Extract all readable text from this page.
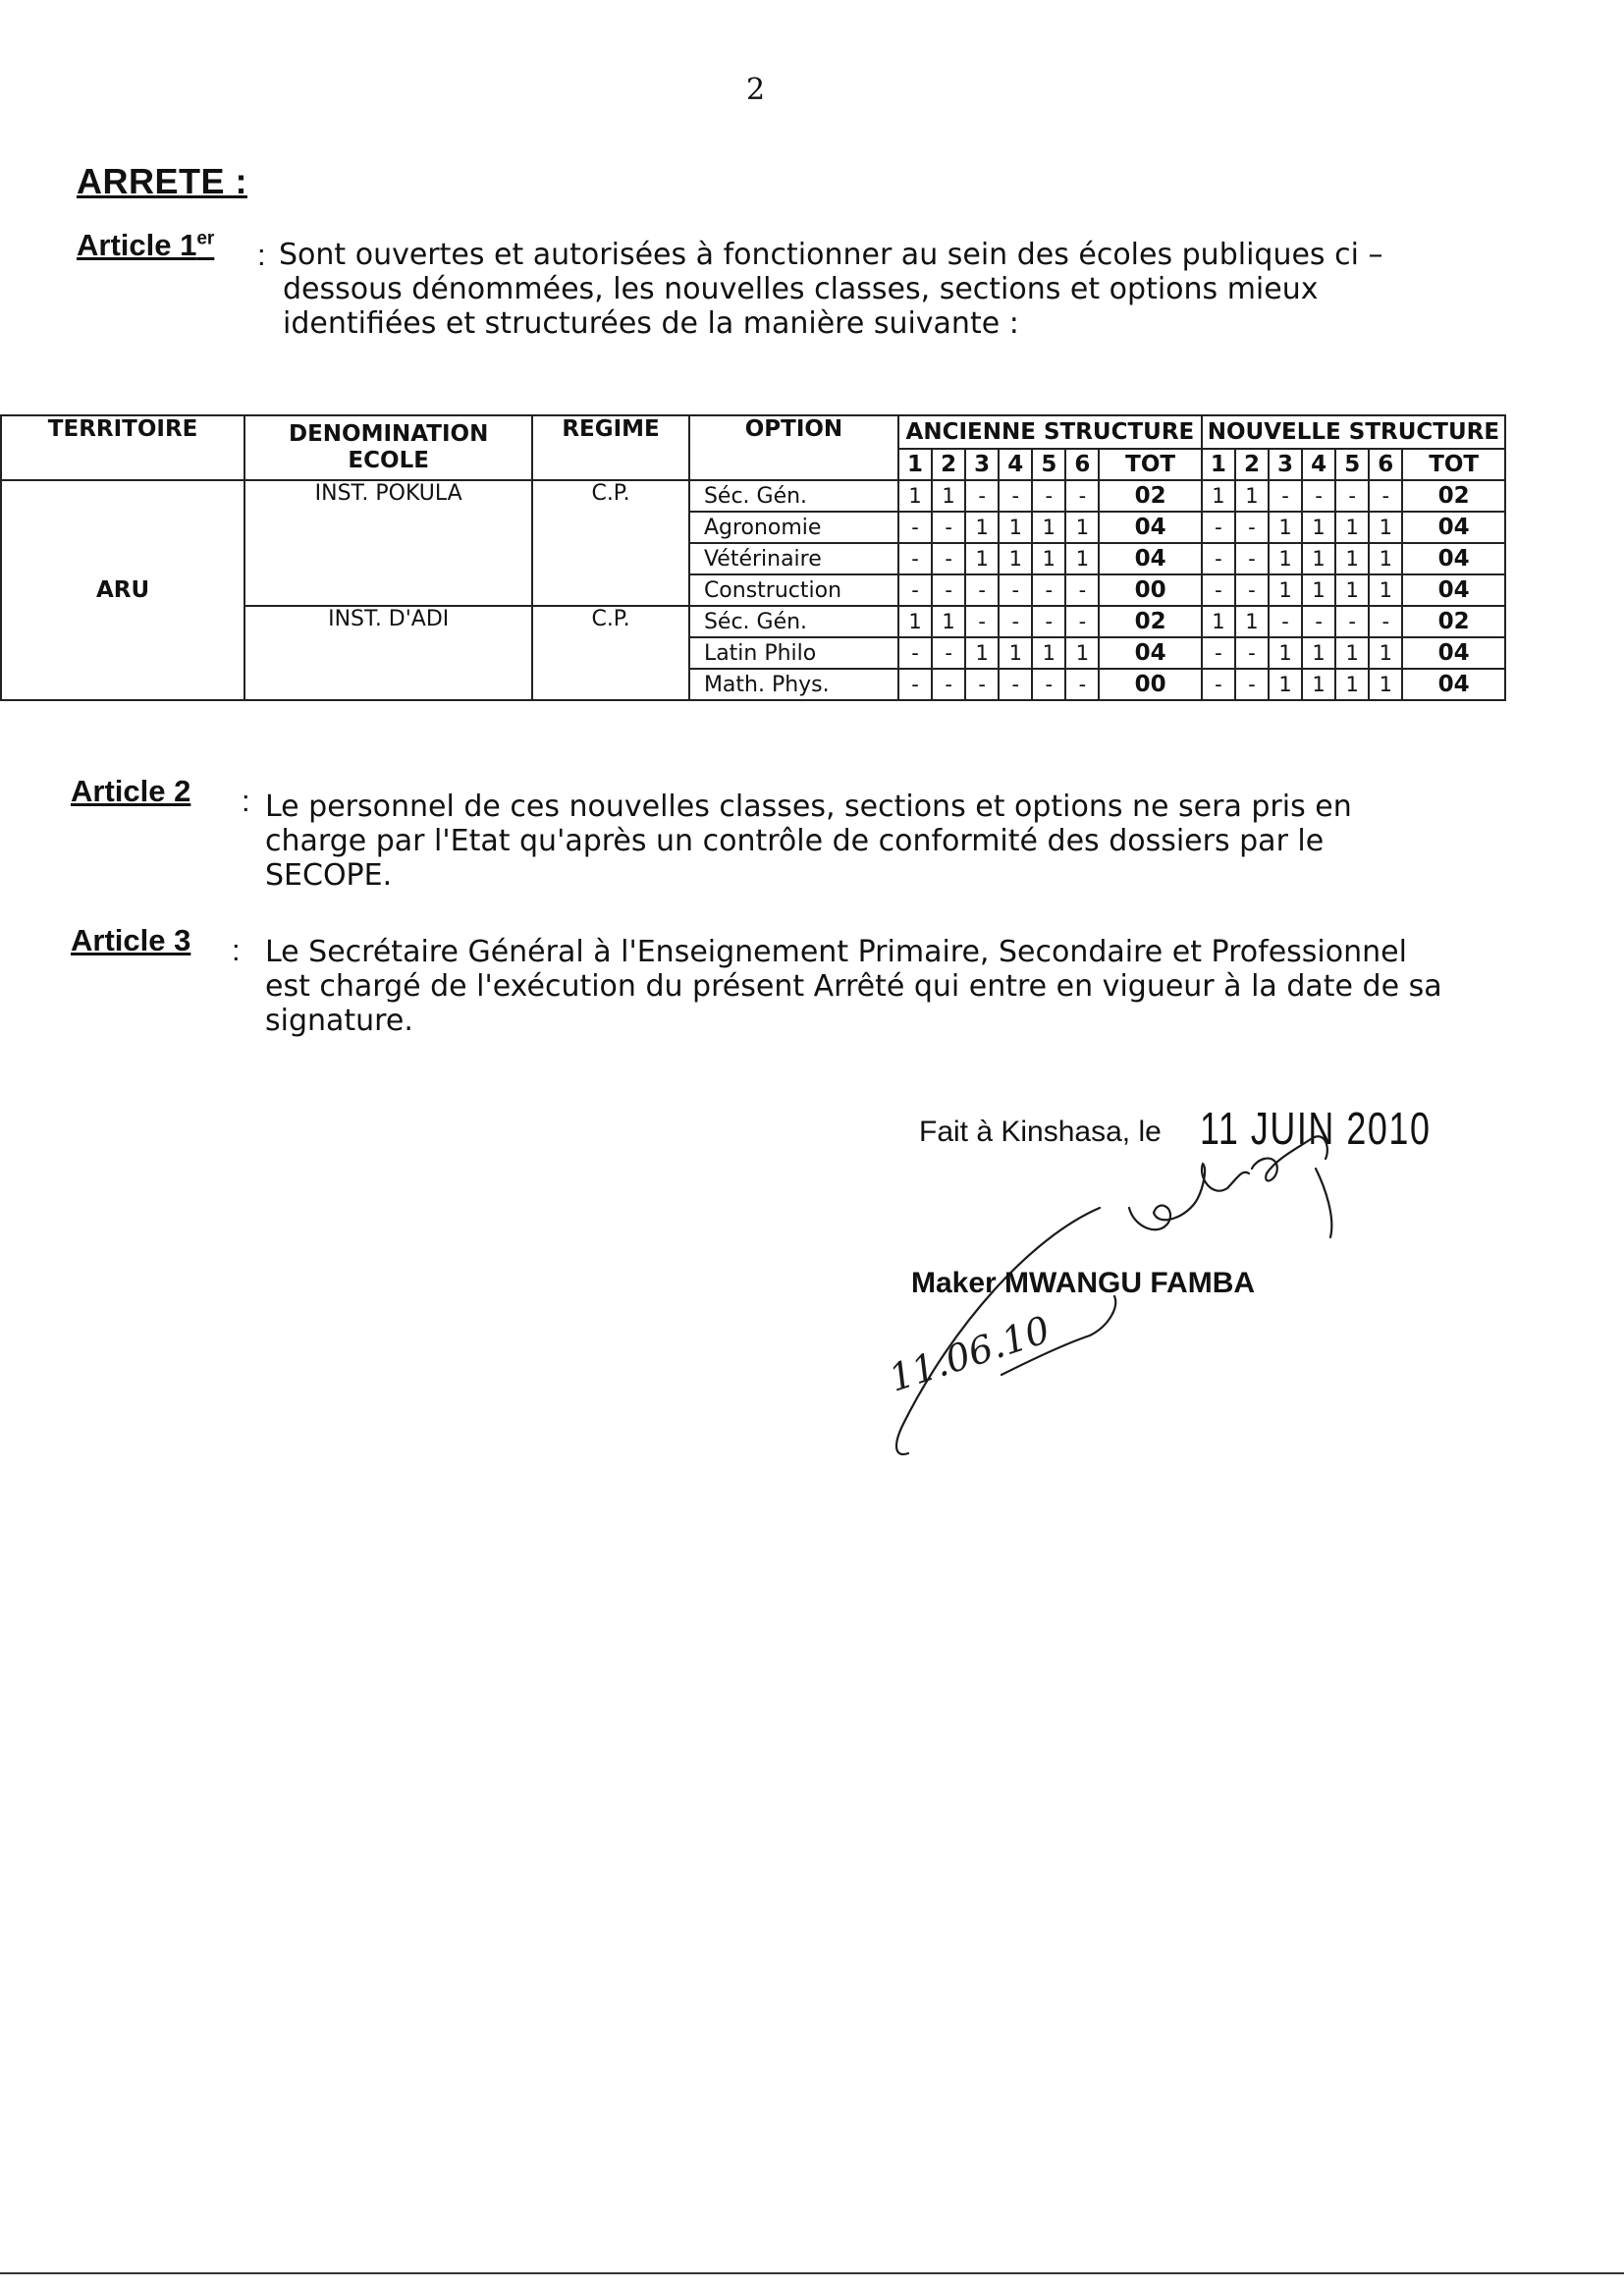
2
ARRETE :
Article 1er : Sont ouvertes et autorisées à fonctionner au sein des écoles publiques ci –
dessous dénommées, les nouvelles classes, sections et options mieux
identifiées et structurées de la manière suivante :
TERRITOIRE	DENOMINATION ECOLE	REGIME	OPTION	ANCIENNE STRUCTURE							NOUVELLE STRUCTURE						
				1	2	3	4	5	6	TOT	1	2	3	4	5	6	TOT
ARU	INST. POKULA	C.P.	Séc. Gén.	1	1	-	-	-	-	02	1	1	-	-	-	-	02
			Agronomie	-	-	1	1	1	1	04	-	-	1	1	1	1	04
			Vétérinaire	-	-	1	1	1	1	04	-	-	1	1	1	1	04
			Construction	-	-	-	-	-	-	00	-	-	1	1	1	1	04
	INST. D'ADI	C.P.	Séc. Gén.	1	1	-	-	-	-	02	1	1	-	-	-	-	02
			Latin Philo	-	-	1	1	1	1	04	-	-	1	1	1	1	04
			Math. Phys.	-	-	-	-	-	-	00	-	-	1	1	1	1	04
Article 2 : Le personnel de ces nouvelles classes, sections et options ne sera pris en
charge par l'Etat qu'après un contrôle de conformité des dossiers par le
SECOPE.
Article 3 : Le Secrétaire Général à l'Enseignement Primaire, Secondaire et Professionnel
est chargé de l'exécution du présent Arrêté qui entre en vigueur à la date de sa
signature.
Fait à Kinshasa, le 11 JUIN 2010
Maker MWANGU FAMBA
11.06.10
